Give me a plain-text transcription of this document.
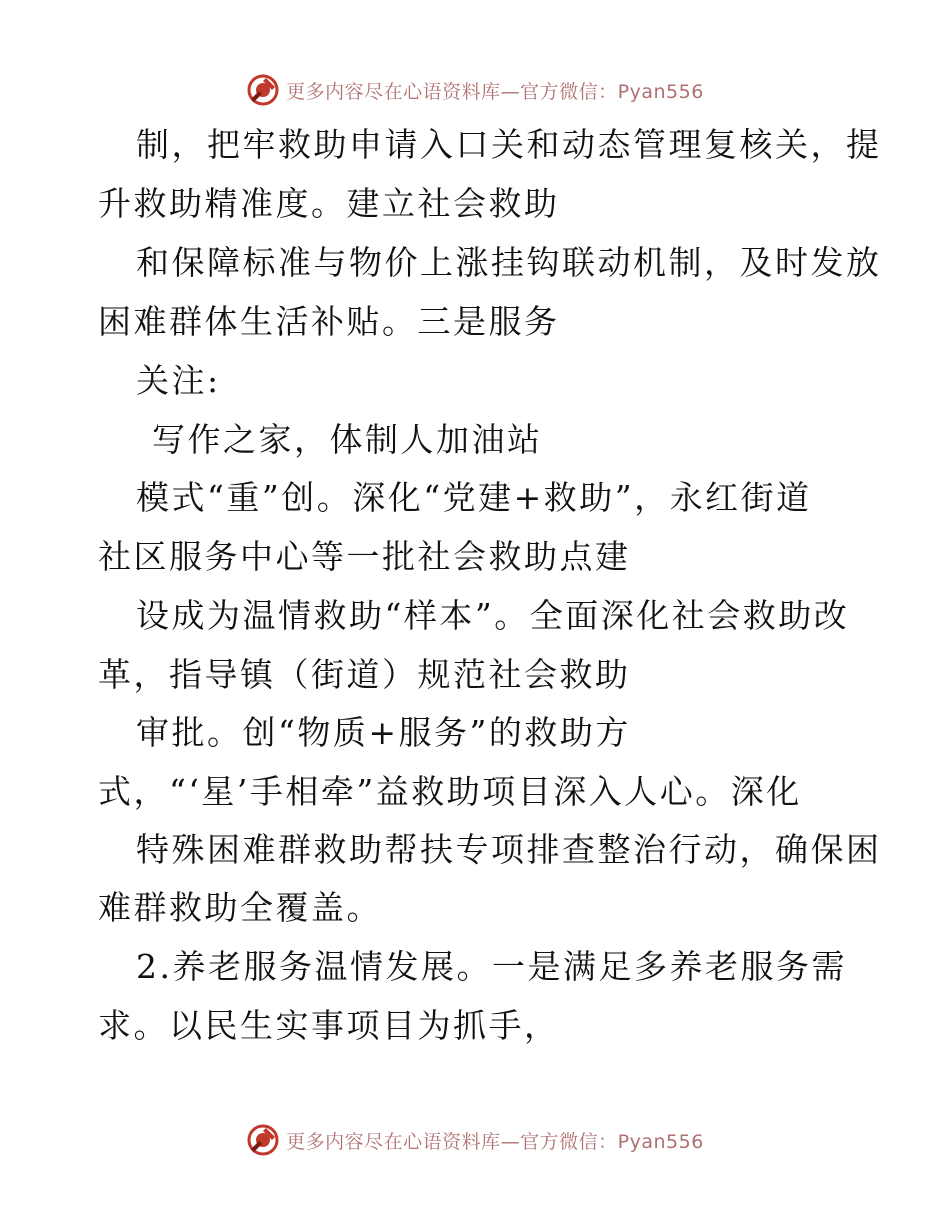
更多内容尽在心语资料库—官方微信：Pyan556
制，把牢救助申请入口关和动态管理复核关，提
升救助精准度。建立社会救助
和保障标准与物价上涨挂钩联动机制，及时发放
困难群体生活补贴。三是服务
关注:
写作之家，体制人加油站
模式“重”创。深化“党建+救助”，永红街道
社区服务中心等一批社会救助点建
设成为温情救助“样本”。全面深化社会救助改
革，指导镇（街道）规范社会救助
审批。创“物质+服务”的救助方
式，“‘星’手相牵”益救助项目深入人心。深化
特殊困难群救助帮扶专项排查整治行动，确保困
难群救助全覆盖。
2.养老服务温情发展。一是满足多养老服务需
求。以民生实事项目为抓手，
更多内容尽在心语资料库—官方微信：Pyan556
